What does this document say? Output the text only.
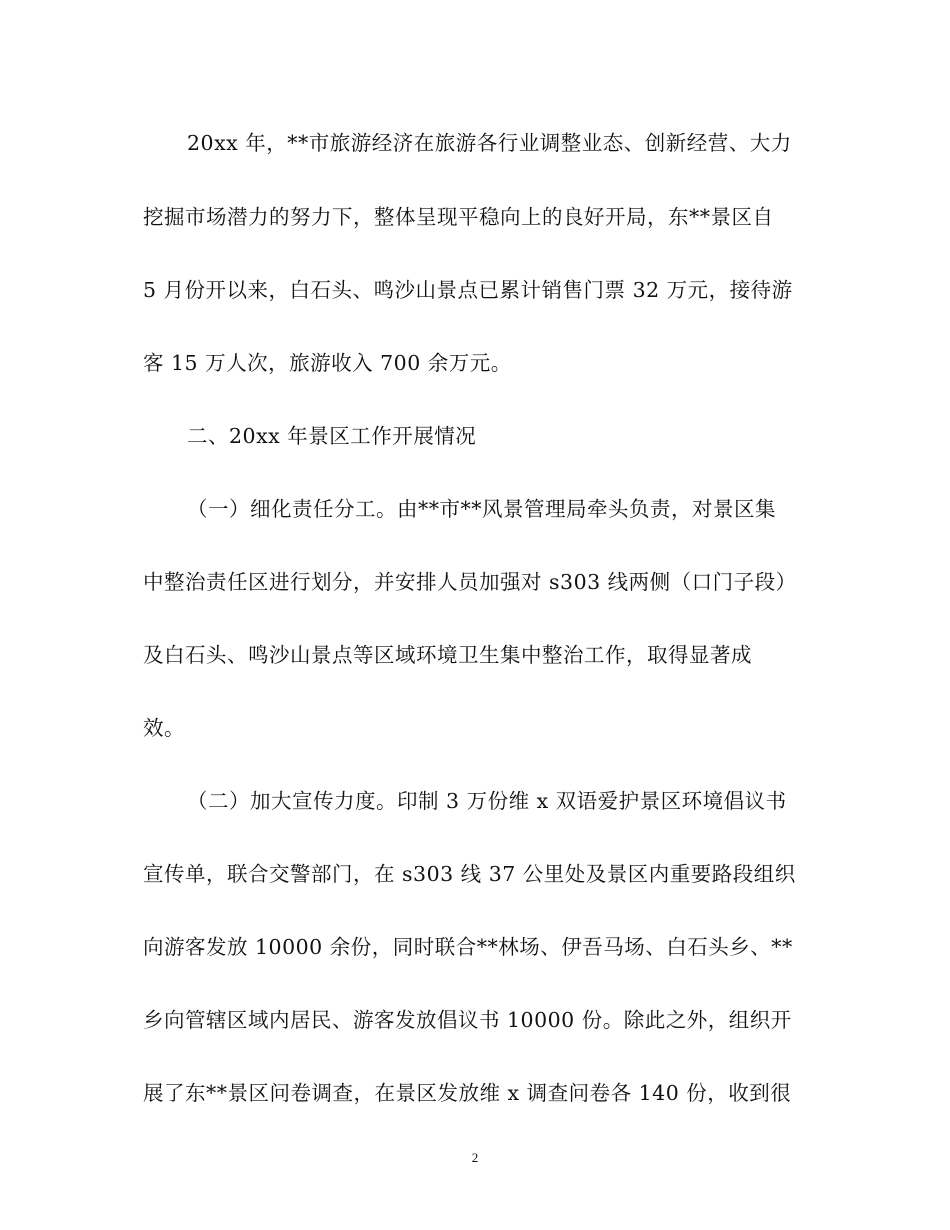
20xx 年，**市旅游经济在旅游各行业调整业态、创新经营、大力
挖掘市场潜力的努力下，整体呈现平稳向上的良好开局，东**景区自
5 月份开以来，白石头、鸣沙山景点已累计销售门票 32 万元，接待游
客 15 万人次，旅游收入 700 余万元。
二、20xx 年景区工作开展情况
（一）细化责任分工。由**市**风景管理局牵头负责，对景区集
中整治责任区进行划分，并安排人员加强对 s303 线两侧（口门子段）
及白石头、鸣沙山景点等区域环境卫生集中整治工作，取得显著成
效。
（二）加大宣传力度。印制 3 万份维 x 双语爱护景区环境倡议书
宣传单，联合交警部门，在 s303 线 37 公里处及景区内重要路段组织
向游客发放 10000 余份，同时联合**林场、伊吾马场、白石头乡、**
乡向管辖区域内居民、游客发放倡议书 10000 份。除此之外，组织开
展了东**景区问卷调查，在景区发放维 x 调查问卷各 140 份，收到很
2
